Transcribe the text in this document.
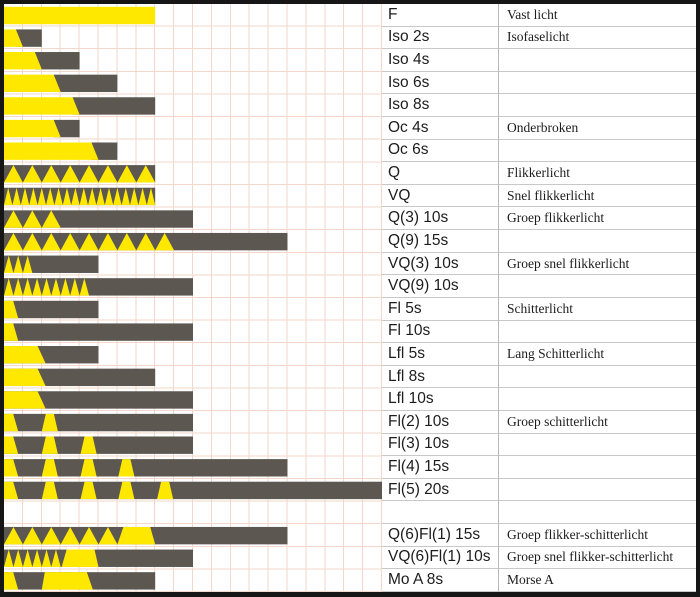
F
Iso 2s
Iso 4s
Iso 6s
Iso 8s
Oc 4s
Oc 6s
Q
VQ
Q(3) 10s
Q(9) 15s
VQ(3) 10s
VQ(9) 10s
Fl 5s
Fl 10s
Lfl 5s
Lfl 8s
Lfl 10s
Fl(2) 10s
Fl(3) 10s
Fl(4) 15s
Fl(5) 20s
Q(6)Fl(1) 15s
VQ(6)Fl(1) 10s
Mo A 8s
Vast licht
Isofaselicht
Onderbroken
Flikkerlicht
Snel flikkerlicht
Groep flikkerlicht
Groep snel flikkerlicht
Schitterlicht
Lang Schitterlicht
Groep schitterlicht
Groep flikker-schitterlicht
Groep snel flikker-schitterlicht
Morse A
